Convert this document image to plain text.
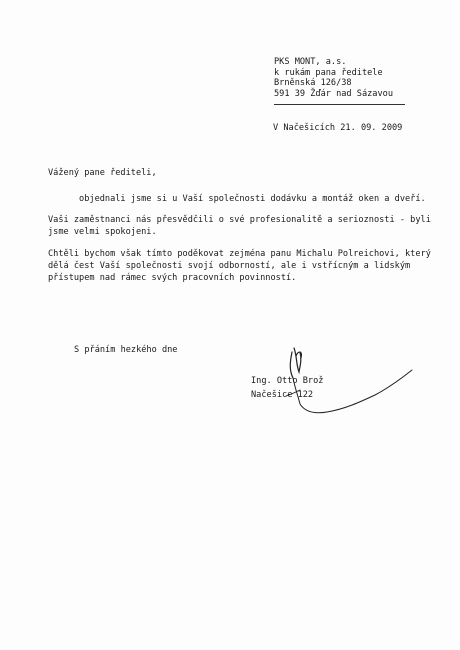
PKS MONT, a.s.
k rukám pana ředitele
Brněnská 126/38
591 39 Žďár nad Sázavou
V Načešicích 21. 09. 2009
Vážený pane řediteli,

objednali jsme si u Vaší společnosti dodávku a montáž oken a dveří.

Vaši zaměstnanci nás přesvědčili o své profesionalitě a serioznosti - byli
jsme velmi spokojeni.

Chtěli bychom však tímto poděkovat zejména panu Michalu Polreichovi, který
dělá čest Vaší společnosti svojí odborností, ale i vstřícným a lidským
přístupem nad rámec svých pracovních povinností.

S přáním hezkého dne
Ing. Otto Brož
Načešice 122
